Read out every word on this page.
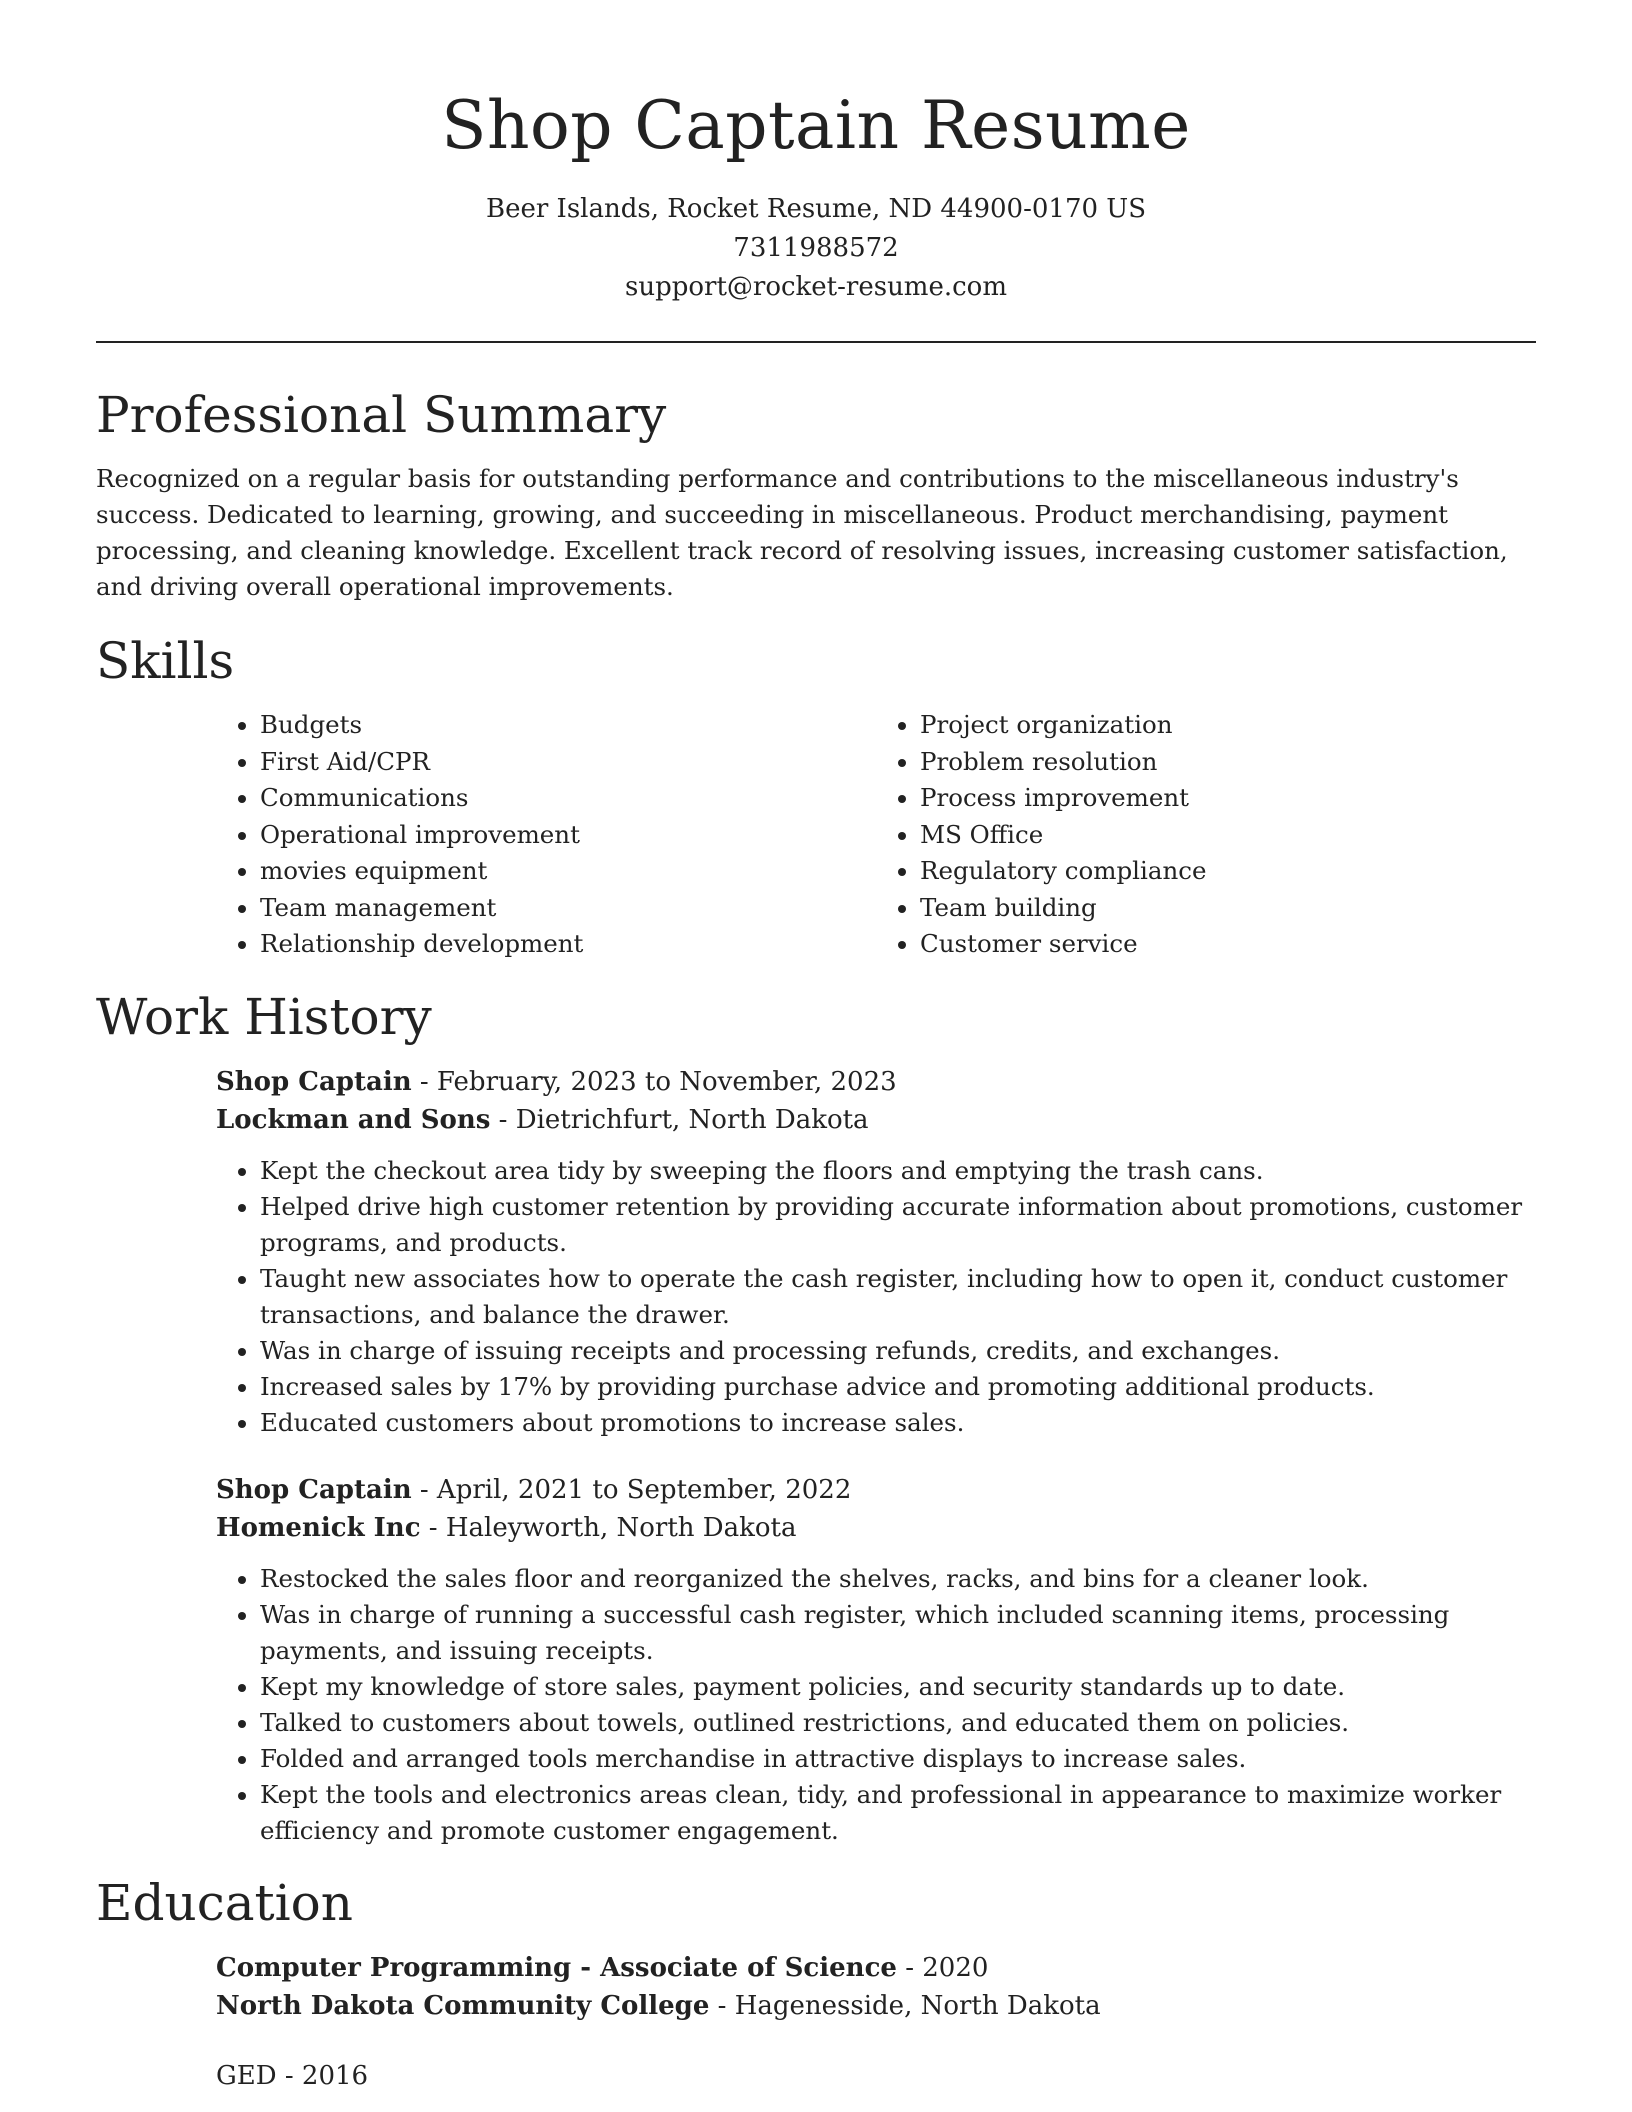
Shop Captain Resume
Beer Islands, Rocket Resume, ND 44900-0170 US
7311988572
support@rocket-resume.com
Professional Summary

Recognized on a regular basis for outstanding performance and contributions to the miscellaneous industry's success. Dedicated to learning, growing, and succeeding in miscellaneous. Product merchandising, payment processing, and cleaning knowledge. Excellent track record of resolving issues, increasing customer satisfaction, and driving overall operational improvements.

Skills
• Budgets
• First Aid/CPR
• Communications
• Operational improvement
• movies equipment
• Team management
• Relationship development
• Project organization
• Problem resolution
• Process improvement
• MS Office
• Regulatory compliance
• Team building
• Customer service
Work History
Shop Captain - February, 2023 to November, 2023
Lockman and Sons - Dietrichfurt, North Dakota
• Kept the checkout area tidy by sweeping the floors and emptying the trash cans.
• Helped drive high customer retention by providing accurate information about promotions, customer programs, and products.
• Taught new associates how to operate the cash register, including how to open it, conduct customer transactions, and balance the drawer.
• Was in charge of issuing receipts and processing refunds, credits, and exchanges.
• Increased sales by 17% by providing purchase advice and promoting additional products.
• Educated customers about promotions to increase sales.
Shop Captain - April, 2021 to September, 2022
Homenick Inc - Haleyworth, North Dakota
• Restocked the sales floor and reorganized the shelves, racks, and bins for a cleaner look.
• Was in charge of running a successful cash register, which included scanning items, processing payments, and issuing receipts.
• Kept my knowledge of store sales, payment policies, and security standards up to date.
• Talked to customers about towels, outlined restrictions, and educated them on policies.
• Folded and arranged tools merchandise in attractive displays to increase sales.
• Kept the tools and electronics areas clean, tidy, and professional in appearance to maximize worker efficiency and promote customer engagement.
Education
Computer Programming - Associate of Science - 2020
North Dakota Community College - Hagenesside, North Dakota
GED - 2016
